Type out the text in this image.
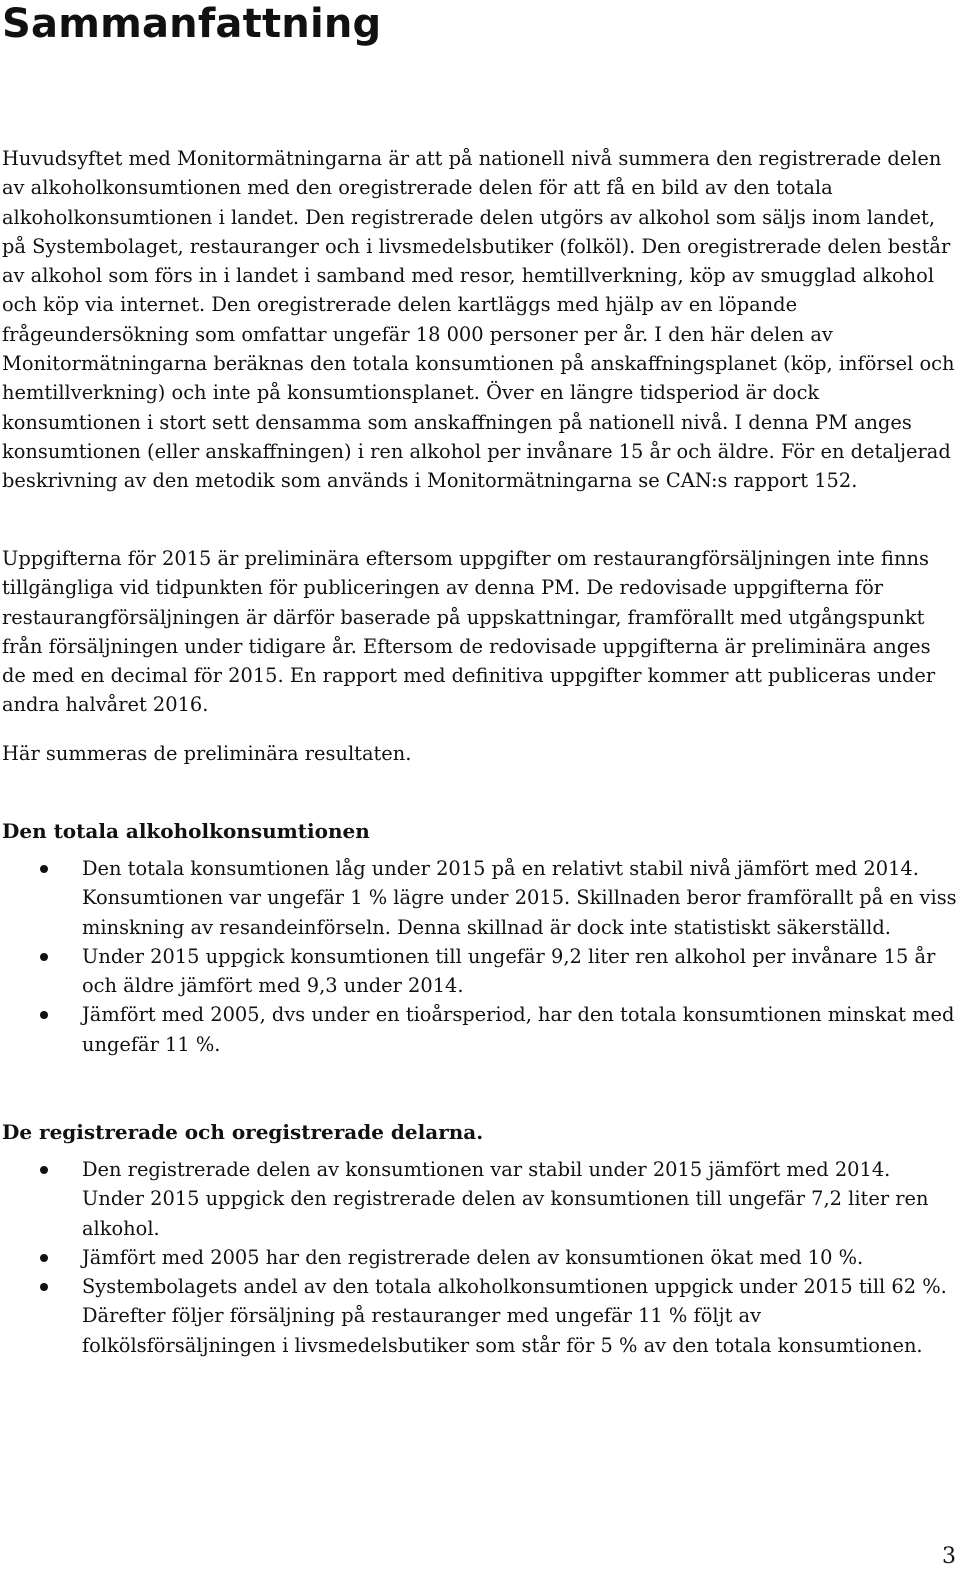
Sammanfattning

Huvudsyftet med Monitormätningarna är att på nationell nivå summera den registrerade delen av alkoholkonsumtionen med den oregistrerade delen för att få en bild av den totala alkoholkonsumtionen i landet. Den registrerade delen utgörs av alkohol som säljs inom landet, på Systembolaget, restauranger och i livsmedelsbutiker (folköl). Den oregistrerade delen består av alkohol som förs in i landet i samband med resor, hemtillverkning, köp av smugglad alkohol och köp via internet. Den oregistrerade delen kartläggs med hjälp av en löpande frågeundersökning som omfattar ungefär 18 000 personer per år. I den här delen av Monitormätningarna beräknas den totala konsumtionen på anskaffningsplanet (köp, införsel och hemtillverkning) och inte på konsumtionsplanet. Över en längre tidsperiod är dock konsumtionen i stort sett densamma som anskaffningen på nationell nivå. I denna PM anges konsumtionen (eller anskaffningen) i ren alkohol per invånare 15 år och äldre. För en detaljerad beskrivning av den metodik som används i Monitormätningarna se CAN:s rapport 152.

Uppgifterna för 2015 är preliminära eftersom uppgifter om restaurangförsäljningen inte finns tillgängliga vid tidpunkten för publiceringen av denna PM. De redovisade uppgifterna för restaurangförsäljningen är därför baserade på uppskattningar, framförallt med utgångspunkt från försäljningen under tidigare år. Eftersom de redovisade uppgifterna är preliminära anges de med en decimal för 2015. En rapport med definitiva uppgifter kommer att publiceras under andra halvåret 2016.

Här summeras de preliminära resultaten.

Den totala alkoholkonsumtionen
Den totala konsumtionen låg under 2015 på en relativt stabil nivå jämfört med 2014. Konsumtionen var ungefär 1 % lägre under 2015. Skillnaden beror framförallt på en viss minskning av resandeinförseln. Denna skillnad är dock inte statistiskt säkerställd.
Under 2015 uppgick konsumtionen till ungefär 9,2 liter ren alkohol per invånare 15 år och äldre jämfört med 9,3 under 2014.
Jämfört med 2005, dvs under en tioårsperiod, har den totala konsumtionen minskat med ungefär 11 %.
De registrerade och oregistrerade delarna.
Den registrerade delen av konsumtionen var stabil under 2015 jämfört med 2014. Under 2015 uppgick den registrerade delen av konsumtionen till ungefär 7,2 liter ren alkohol.
Jämfört med 2005 har den registrerade delen av konsumtionen ökat med 10 %.
Systembolagets andel av den totala alkoholkonsumtionen uppgick under 2015 till 62 %. Därefter följer försäljning på restauranger med ungefär 11 % följt av folkölsförsäljningen i livsmedelsbutiker som står för 5 % av den totala konsumtionen.
3
